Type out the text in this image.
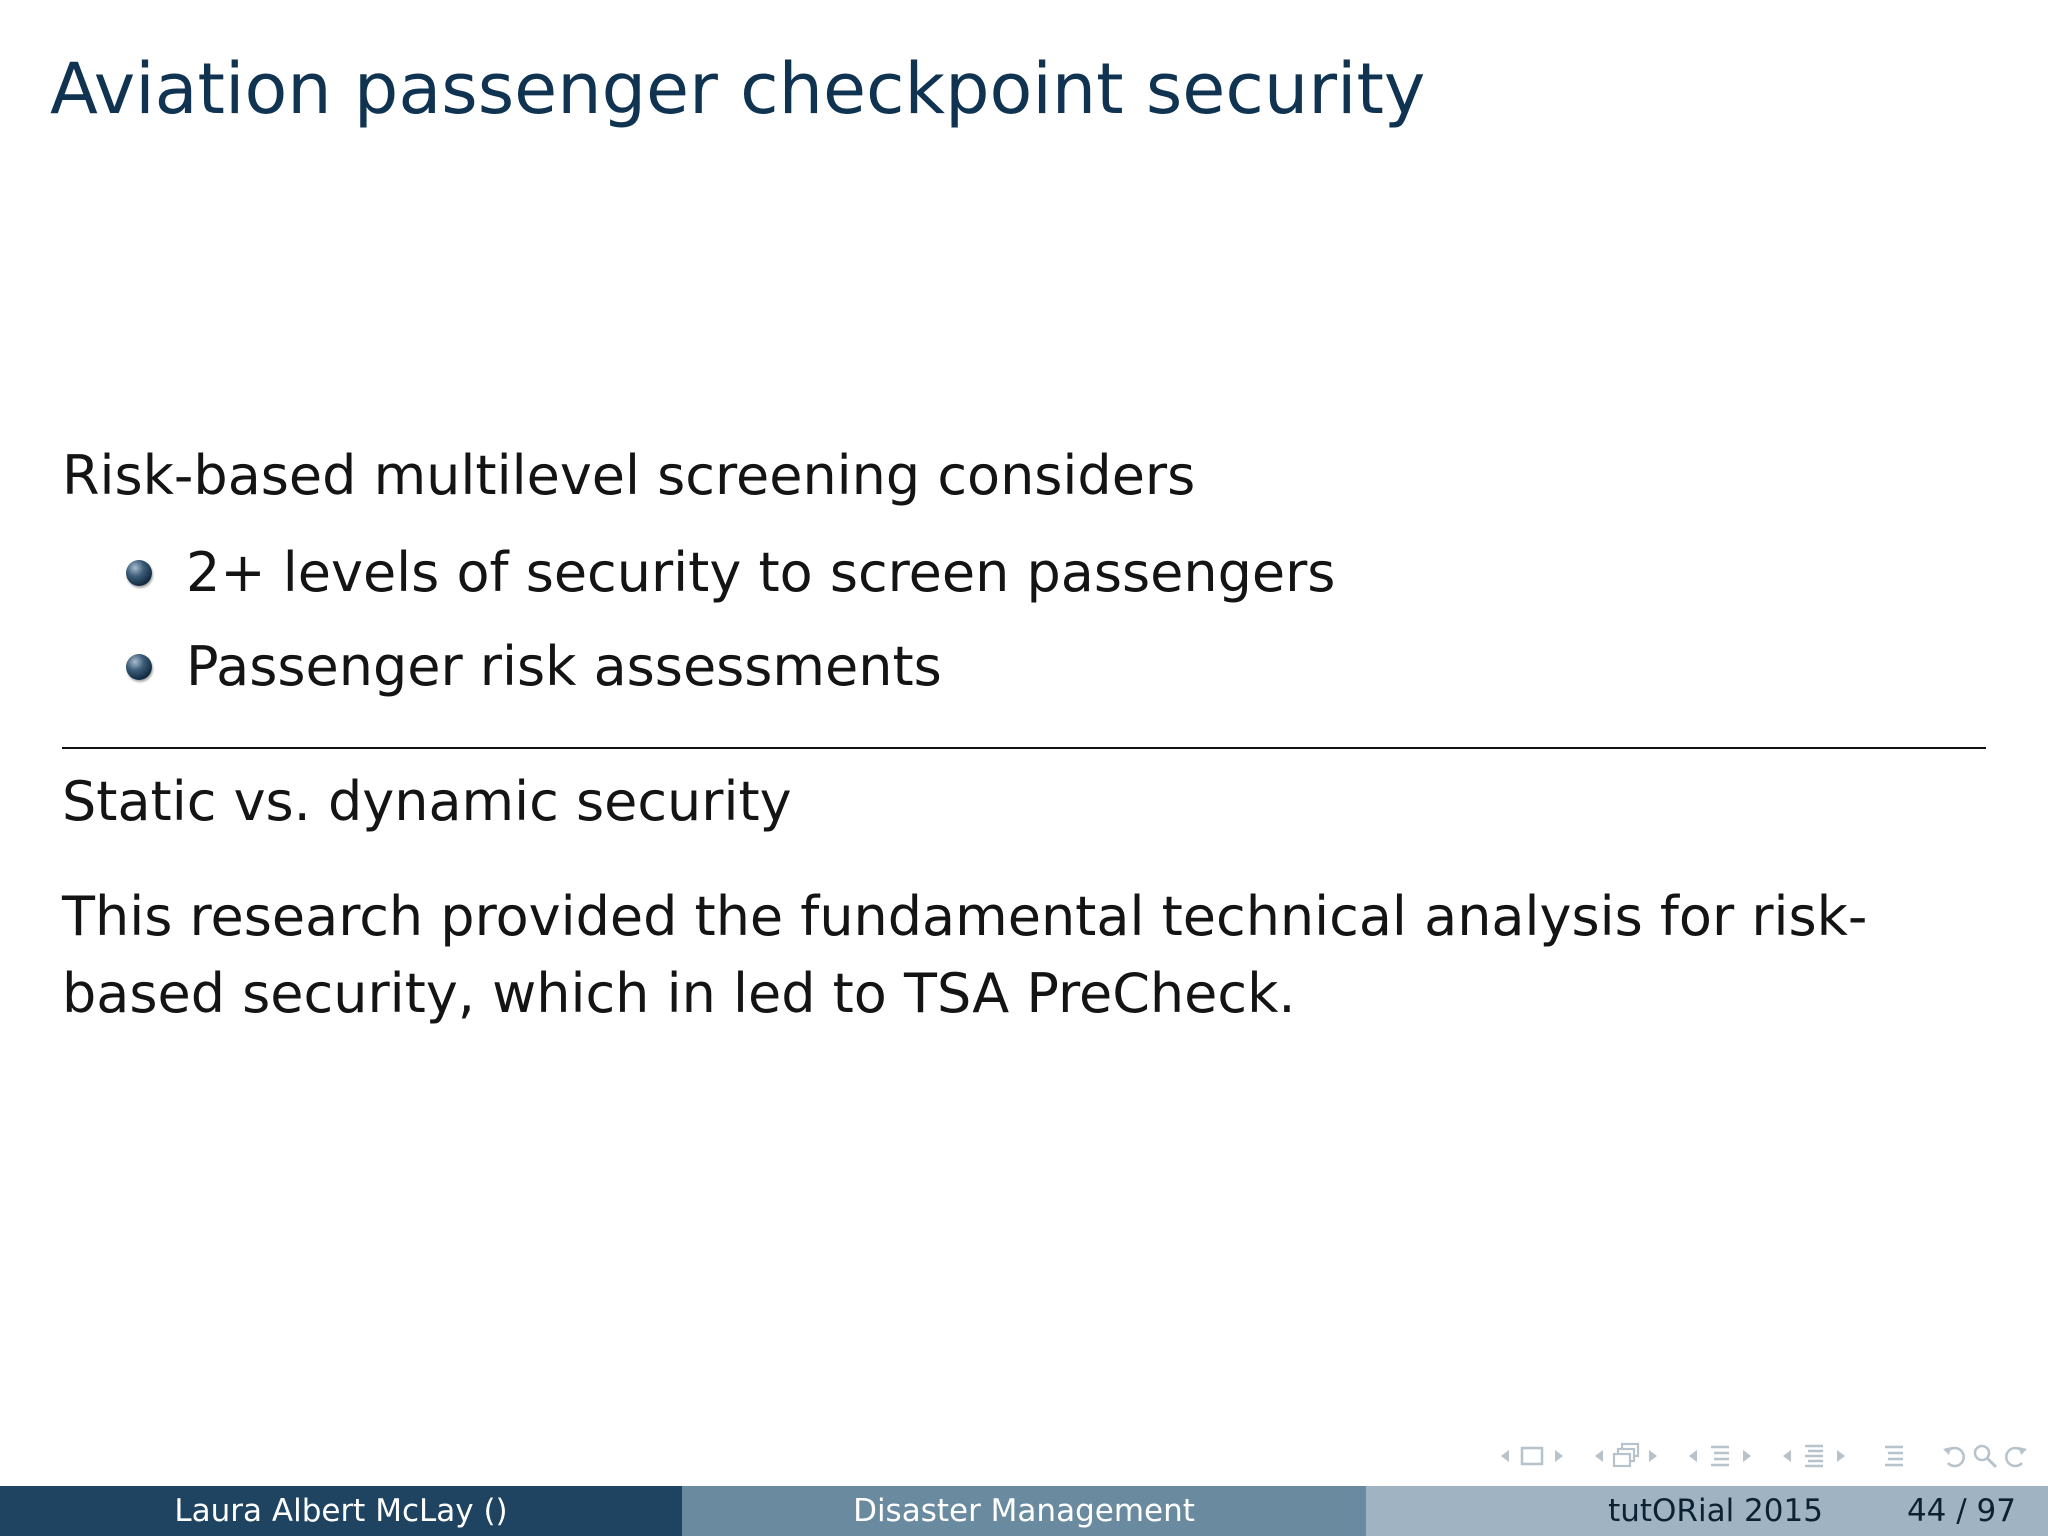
Aviation passenger checkpoint security
Risk-based multilevel screening considers
2+ levels of security to screen passengers
Passenger risk assessments
Static vs. dynamic security
This research provided the fundamental technical analysis for risk-based security, which in led to TSA PreCheck.
Laura Albert McLay ()	Disaster Management	tutORial 2015	44 / 97
